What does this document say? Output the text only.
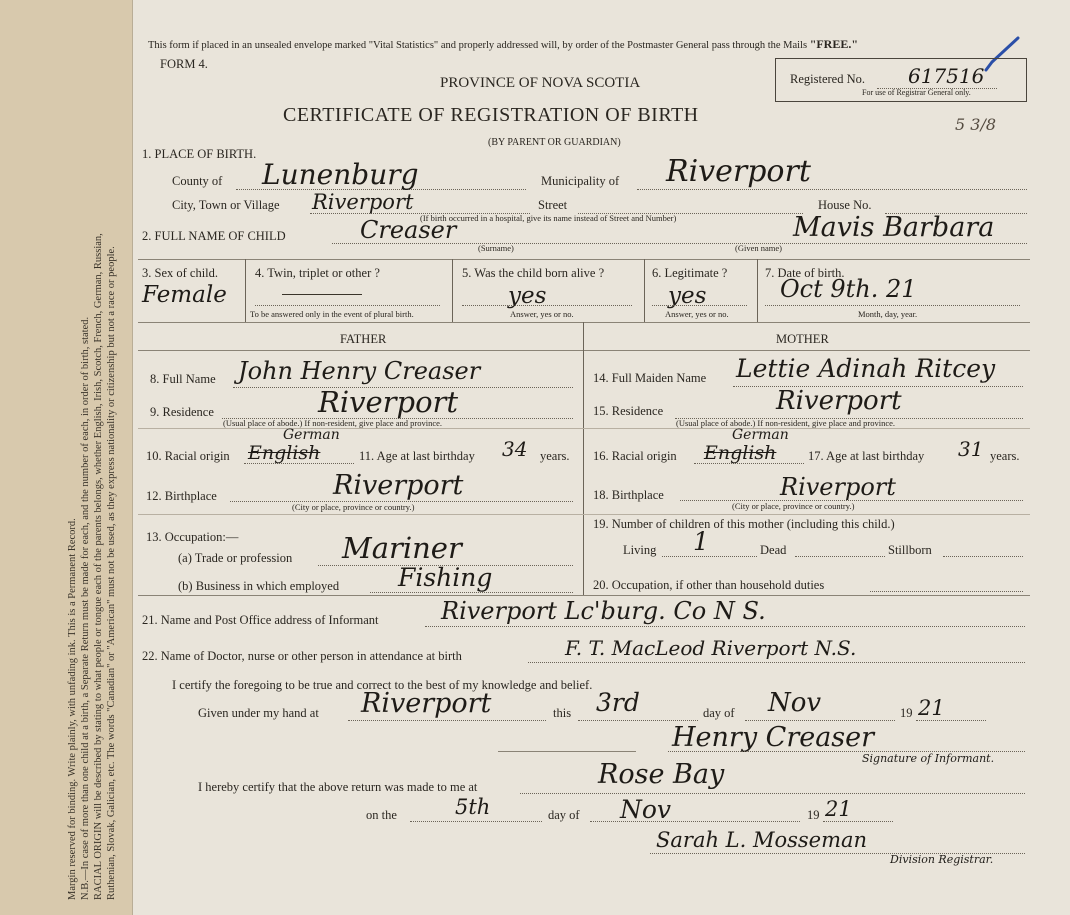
Margin reserved for binding. Write plainly, with unfading ink. This is a Permanent Record. N.B.—In case of more than one child at a birth, a Separate Return must be made for each, and the number of each, in order of birth, stated. RACIAL ORIGIN will be described by stating to what people or tongue each of the parents belongs, whether English, Irish, Scotch, French, German, Russian, Ruthenian, Slovak, Galician, etc. The words "Canadian" or "American" must not be used, as they express nationality or citizenship but not a race or people.
This form if placed in an unsealed envelope marked "Vital Statistics" and properly addressed will, by order of the Postmaster General pass through the Mails "FREE."
FORM 4.
PROVINCE OF NOVA SCOTIA
CERTIFICATE OF REGISTRATION OF BIRTH
(BY PARENT OR GUARDIAN)
Registered No. 617516
For use of Registrar General only.
5 3/8
1. PLACE OF BIRTH.
County of Lunenburg	Municipality of Riverport
City, Town or Village Riverport	Street	House No.
(If birth occurred in a hospital, give its name instead of Street and Number)
2. FULL NAME OF CHILD	Creaser
(Surname)
Mavis Barbara
(Given name)
3. Sex of child.
Female
4. Twin, triplet or other ?
To be answered only in the event of plural birth.
5. Was the child born alive ?
yes
Answer, yes or no.
6. Legitimate ?
yes
Answer, yes or no.
7. Date of birth.
Oct 9th. 21
Month, day, year.
FATHER	MOTHER
8. Full Name John Henry Creaser
9. Residence	Riverport
(Usual place of abode.) If non-resident, give place and province.
10. Racial origin English
German
11. Age at last birthday 34 years.
12. Birthplace	Riverport
(City or place, province or country.)
13. Occupation:—
(a) Trade or profession Mariner
(b) Business in which employed Fishing
14. Full Maiden Name Lettie Adinah Ritcey
15. Residence	Riverport
(Usual place of abode.) If non-resident, give place and province.
16. Racial origin English
German
17. Age at last birthday 31 years.
18. Birthplace	Riverport
(City or place, province or country.)
19. Number of children of this mother (including this child.)
Living 1	Dead	Stillborn
20. Occupation, if other than household duties
21. Name and Post Office address of Informant	Riverport Lc'burg. Co N S.
22. Name of Doctor, nurse or other person in attendance at birth	F. T. MacLeod Riverport N.S.
I certify the foregoing to be true and correct to the best of my knowledge and belief.
Given under my hand at Riverport	this 3rd	day of Nov	19 21
Henry Creaser
Signature of Informant.
I hereby certify that the above return was made to me at	Rose Bay
on the	5th	day of Nov	19 21
Sarah L. Mosseman
Division Registrar.
